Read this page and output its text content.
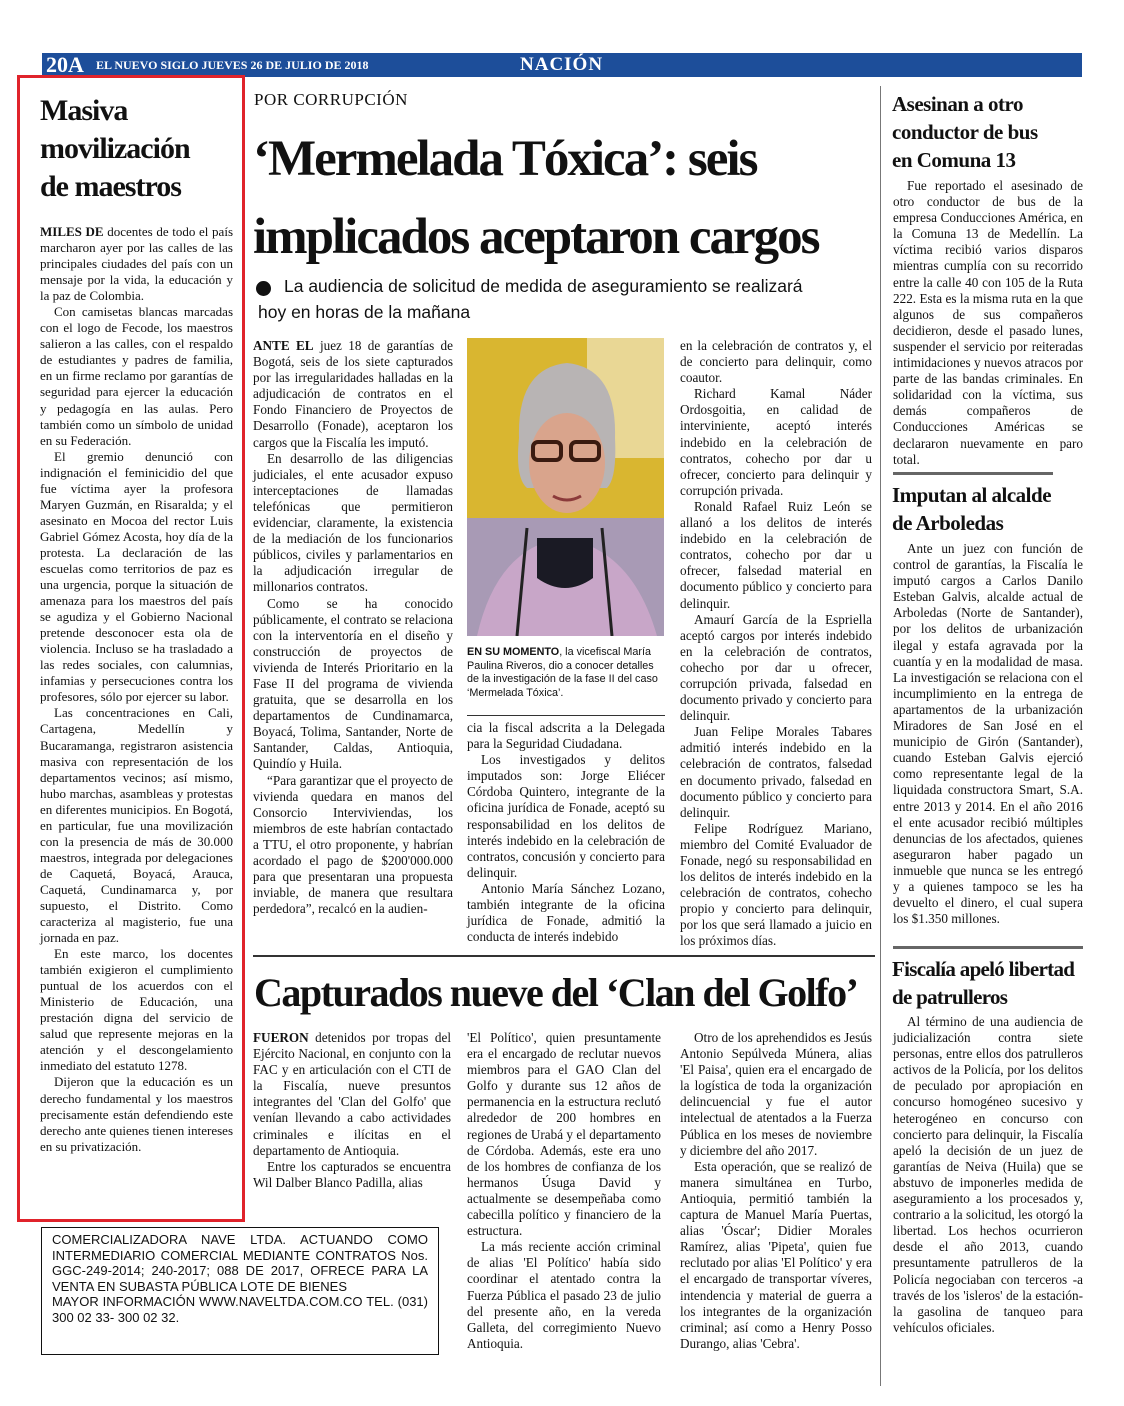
20A EL NUEVO SIGLO JUEVES 26 DE JULIO DE 2018	NACIÓN
Masiva
movilización
de maestros

MILES DE docentes de todo el país marcharon ayer por las calles de las principales ciudades del país con un mensaje por la vida, la educación y la paz de Colombia.

Con camisetas blancas marcadas con el logo de Fecode, los maestros salieron a las calles, con el respaldo de estudiantes y padres de familia, en un firme reclamo por garantías de seguridad para ejercer la educación y pedagogía en las aulas. Pero también como un símbolo de unidad en su Federación.

El gremio denunció con indignación el feminicidio del que fue víctima ayer la profesora Maryen Guzmán, en Risaralda; y el asesinato en Mocoa del rector Luis Gabriel Gómez Acosta, hoy día de la protesta. La declaración de las escuelas como territorios de paz es una urgencia, porque la situación de amenaza para los maestros del país se agudiza y el Gobierno Nacional pretende desconocer esta ola de violencia. Incluso se ha trasladado a las redes sociales, con calumnias, infamias y persecuciones contra los profesores, sólo por ejercer su labor.

Las concentraciones en Cali, Cartagena, Medellín y Bucaramanga, registraron asistencia masiva con representación de los departamentos vecinos; así mismo, hubo marchas, asambleas y protestas en diferentes municipios. En Bogotá, en particular, fue una movilización con la presencia de más de 30.000 maestros, integrada por delegaciones de Caquetá, Boyacá, Arauca, Caquetá, Cundinamarca y, por supuesto, el Distrito. Como caracteriza al magisterio, fue una jornada en paz.

En este marco, los docentes también exigieron el cumplimiento puntual de los acuerdos con el Ministerio de Educación, una prestación digna del servicio de salud que represente mejoras en la atención y el descongelamiento inmediato del estatuto 1278.

Dijeron que la educación es un derecho fundamental y los maestros precisamente están defendiendo este derecho ante quienes tienen intereses en su privatización.

COMERCIALIZADORA NAVE LTDA. ACTUANDO COMO INTERMEDIARIO COMERCIAL MEDIANTE CONTRATOS Nos. GGC-249-2014; 240-2017; 088 DE 2017, OFRECE PARA LA VENTA EN SUBASTA PÚBLICA LOTE DE BIENES
MAYOR INFORMACIÓN WWW.NAVELTDA.COM.CO TEL. (031) 300 02 33- 300 02 32.
POR CORRUPCIÓN
‘Mermelada Tóxica’: seis
implicados aceptaron cargos
La audiencia de solicitud de medida de aseguramiento se realizará
hoy en horas de la mañana

ANTE EL juez 18 de garantías de Bogotá, seis de los siete capturados por las irregularidades halladas en la adjudicación de contratos en el Fondo Financiero de Proyectos de Desarrollo (Fonade), aceptaron los cargos que la Fiscalía les imputó.

En desarrollo de las diligencias judiciales, el ente acusador expuso interceptaciones de llamadas telefónicas que permitieron evidenciar, claramente, la existencia de la mediación de los funcionarios públicos, civiles y parlamentarios en la adjudicación irregular de millonarios contratos.

Como se ha conocido públicamente, el contrato se relaciona con la interventoría en el diseño y construcción de proyectos de vivienda de Interés Prioritario en la Fase II del programa de vivienda gratuita, que se desarrolla en los departamentos de Cundinamarca, Boyacá, Tolima, Santander, Norte de Santander, Caldas, Antioquia, Quindío y Huila.

“Para garantizar que el proyecto de vivienda quedara en manos del Consorcio Interviviendas, los miembros de este habrían contactado a TTU, el otro proponente, y habrían acordado el pago de $200'000.000 para que presentaran una propuesta inviable, de manera que resultara perdedora”, recalcó en la audien-

EN SU MOMENTO, la vicefiscal María Paulina Riveros, dio a conocer detalles de la investigación de la fase II del caso ‘Mermelada Tóxica’.

cia la fiscal adscrita a la Delegada para la Seguridad Ciudadana.

Los investigados y delitos imputados son: Jorge Eliécer Córdoba Quintero, integrante de la oficina jurídica de Fonade, aceptó su responsabilidad en los delitos de interés indebido en la celebración de contratos, concusión y concierto para delinquir.

Antonio María Sánchez Lozano, también integrante de la oficina jurídica de Fonade, admitió la conducta de interés indebido

en la celebración de contratos y, el de concierto para delinquir, como coautor.

Richard Kamal Náder Ordosgoitia, en calidad de interviniente, aceptó interés indebido en la celebración de contratos, cohecho por dar u ofrecer, concierto para delinquir y corrupción privada.

Ronald Rafael Ruiz León se allanó a los delitos de interés indebido en la celebración de contratos, cohecho por dar u ofrecer, falsedad material en documento público y concierto para delinquir.

Amaurí García de la Espriella aceptó cargos por interés indebido en la celebración de contratos, cohecho por dar u ofrecer, corrupción privada, falsedad en documento privado y concierto para delinquir.

Juan Felipe Morales Tabares admitió interés indebido en la celebración de contratos, falsedad en documento privado, falsedad en documento público y concierto para delinquir.

Felipe Rodríguez Mariano, miembro del Comité Evaluador de Fonade, negó su responsabilidad en los delitos de interés indebido en la celebración de contratos, cohecho propio y concierto para delinquir, por los que será llamado a juicio en los próximos días.

Capturados nueve del ‘Clan del Golfo’

FUERON detenidos por tropas del Ejército Nacional, en conjunto con la FAC y en articulación con el CTI de la Fiscalía, nueve presuntos integrantes del 'Clan del Golfo' que venían llevando a cabo actividades criminales e ilícitas en el departamento de Antioquia.

Entre los capturados se encuentra Wil Dalber Blanco Padilla, alias

'El Político', quien presuntamente era el encargado de reclutar nuevos miembros para el GAO Clan del Golfo y durante sus 12 años de permanencia en la estructura reclutó alrededor de 200 hombres en regiones de Urabá y el departamento de Córdoba. Además, este era uno de los hombres de confianza de los hermanos Úsuga David y actualmente se desempeñaba como cabecilla político y financiero de la estructura.

La más reciente acción criminal de alias 'El Político' había sido coordinar el atentado contra la Fuerza Pública el pasado 23 de julio del presente año, en la vereda Galleta, del corregimiento Nuevo Antioquia.

Otro de los aprehendidos es Jesús Antonio Sepúlveda Múnera, alias 'El Paisa', quien era el encargado de la logística de toda la organización delincuencial y fue el autor intelectual de atentados a la Fuerza Pública en los meses de noviembre y diciembre del año 2017.

Esta operación, que se realizó de manera simultánea en Turbo, Antioquia, permitió también la captura de Manuel María Puertas, alias 'Óscar'; Didier Morales Ramírez, alias 'Pipeta', quien fue reclutado por alias 'El Político' y era el encargado de transportar víveres, intendencia y material de guerra a los integrantes de la organización criminal; así como a Henry Posso Durango, alias 'Cebra'.

Asesinan a otro
conductor de bus
en Comuna 13

Fue reportado el asesinado de otro conductor de bus de la empresa Conducciones América, en la Comuna 13 de Medellín. La víctima recibió varios disparos mientras cumplía con su recorrido entre la calle 40 con 105 de la Ruta 222. Esta es la misma ruta en la que algunos de sus compañeros decidieron, desde el pasado lunes, suspender el servicio por reiteradas intimidaciones y nuevos atracos por parte de las bandas criminales. En solidaridad con la víctima, sus demás compañeros de Conducciones Américas se declararon nuevamente en paro total.

Imputan al alcalde
de Arboledas

Ante un juez con función de control de garantías, la Fiscalía le imputó cargos a Carlos Danilo Esteban Galvis, alcalde actual de Arboledas (Norte de Santander), por los delitos de urbanización ilegal y estafa agravada por la cuantía y en la modalidad de masa. La investigación se relaciona con el incumplimiento en la entrega de apartamentos de la urbanización Miradores de San José en el municipio de Girón (Santander), cuando Esteban Galvis ejerció como representante legal de la liquidada constructora Smart, S.A. entre 2013 y 2014. En el año 2016 el ente acusador recibió múltiples denuncias de los afectados, quienes aseguraron haber pagado un inmueble que nunca se les entregó y a quienes tampoco se les ha devuelto el dinero, el cual supera los $1.350 millones.

Fiscalía apeló libertad
de patrulleros

Al término de una audiencia de judicialización contra siete personas, entre ellos dos patrulleros activos de la Policía, por los delitos de peculado por apropiación en concurso homogéneo sucesivo y heterogéneo en concurso con concierto para delinquir, la Fiscalía apeló la decisión de un juez de garantías de Neiva (Huila) que se abstuvo de imponerles medida de aseguramiento a los procesados y, contrario a la solicitud, les otorgó la libertad. Los hechos ocurrieron desde el año 2013, cuando presuntamente patrulleros de la Policía negociaban con terceros -a través de los 'isleros' de la estación- la gasolina de tanqueo para vehículos oficiales.
